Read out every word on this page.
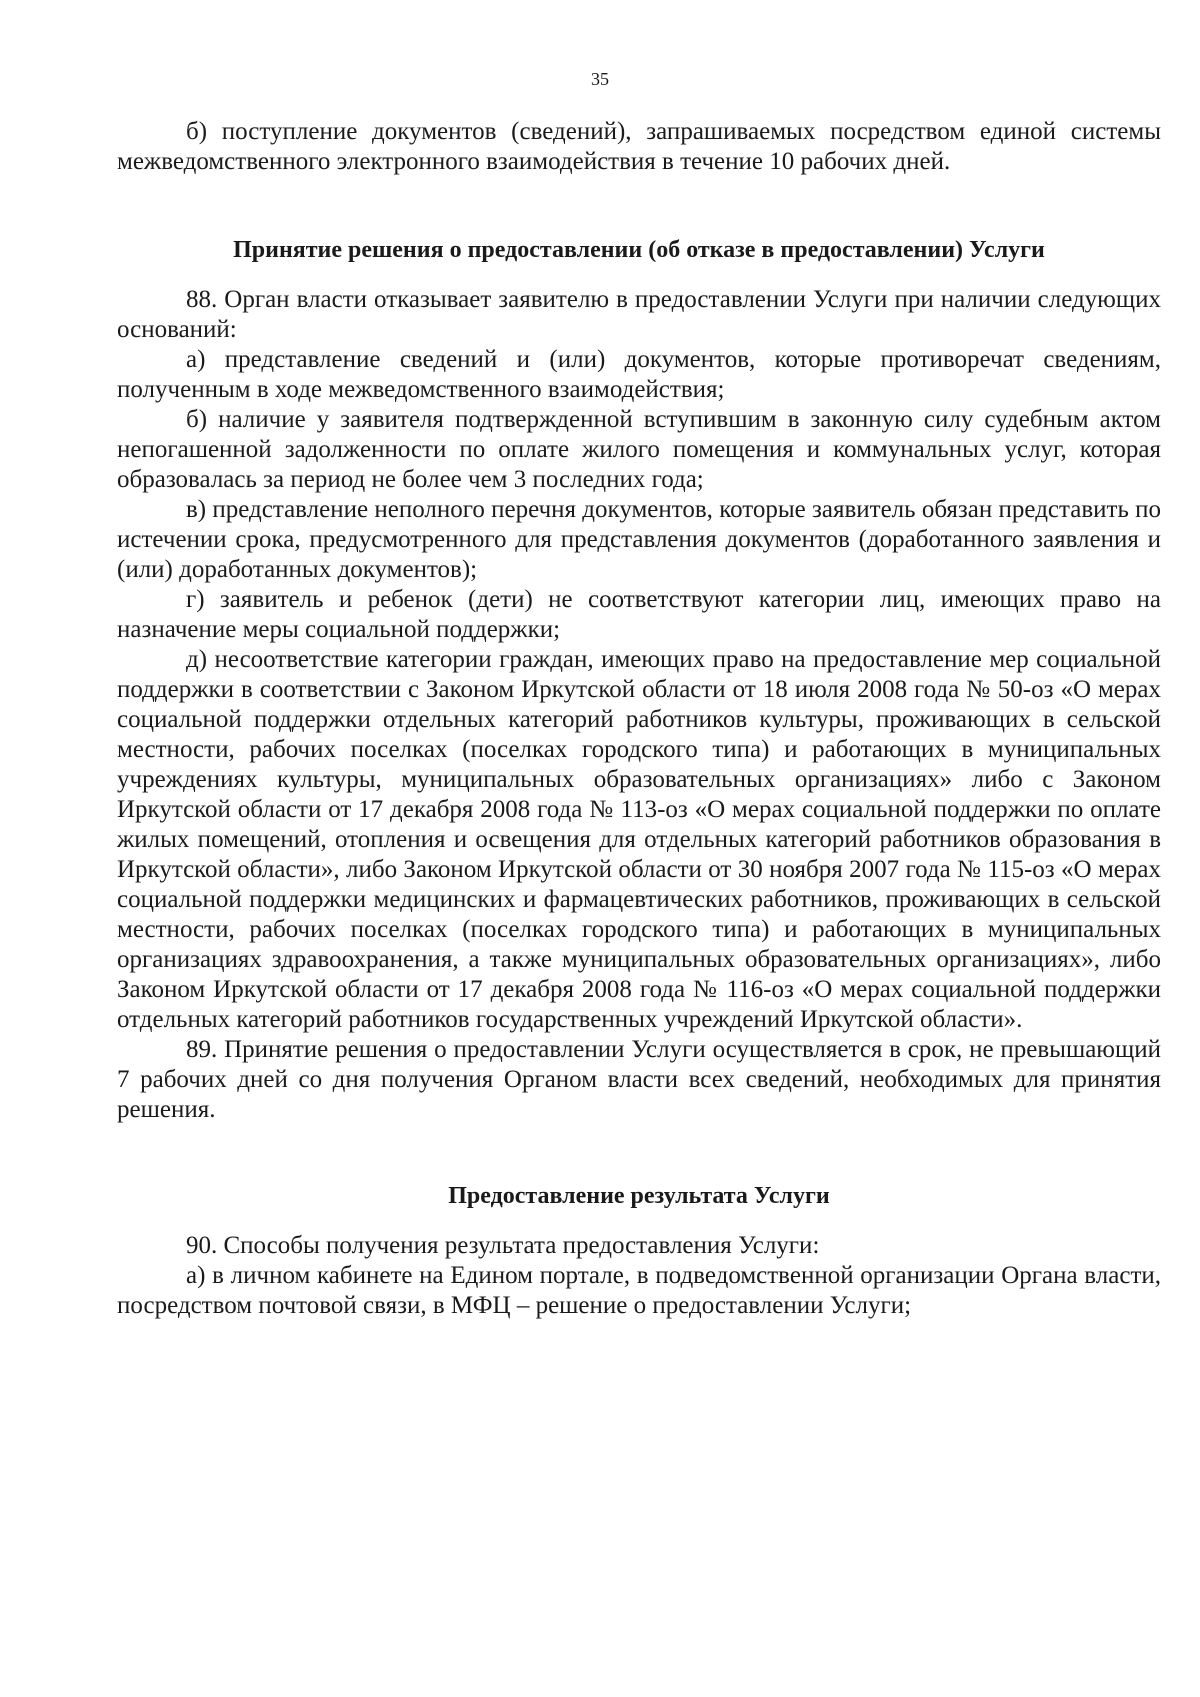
35

б) поступление документов (сведений), запрашиваемых посредством единой системы межведомственного электронного взаимодействия в течение 10 рабочих дней.

Принятие решения о предоставлении (об отказе в предоставлении) Услуги

88. Орган власти отказывает заявителю в предоставлении Услуги при наличии следующих оснований:

а) представление сведений и (или) документов, которые противоречат сведениям, полученным в ходе межведомственного взаимодействия;

б) наличие у заявителя подтвержденной вступившим в законную силу судебным актом непогашенной задолженности по оплате жилого помещения и коммунальных услуг, которая образовалась за период не более чем 3 последних года;

в) представление неполного перечня документов, которые заявитель обязан представить по истечении срока, предусмотренного для представления документов (доработанного заявления и (или) доработанных документов);

г) заявитель и ребенок (дети) не соответствуют категории лиц, имеющих право на назначение меры социальной поддержки;

д) несоответствие категории граждан, имеющих право на предоставление мер социальной поддержки в соответствии с Законом Иркутской области от 18 июля 2008 года № 50-оз «О мерах социальной поддержки отдельных категорий работников культуры, проживающих в сельской местности, рабочих поселках (поселках городского типа) и работающих в муниципальных учреждениях культуры, муниципальных образовательных организациях» либо с Законом Иркутской области от 17 декабря 2008 года № 113-оз «О мерах социальной поддержки по оплате жилых помещений, отопления и освещения для отдельных категорий работников образования в Иркутской области», либо Законом Иркутской области от 30 ноября 2007 года № 115-оз «О мерах социальной поддержки медицинских и фармацевтических работников, проживающих в сельской местности, рабочих поселках (поселках городского типа) и работающих в муниципальных организациях здравоохранения, а также муниципальных образовательных организациях», либо Законом Иркутской области от 17 декабря 2008 года № 116-оз «О мерах социальной поддержки отдельных категорий работников государственных учреждений Иркутской области».

89. Принятие решения о предоставлении Услуги осуществляется в срок, не превышающий 7 рабочих дней со дня получения Органом власти всех сведений, необходимых для принятия решения.

Предоставление результата Услуги

90. Способы получения результата предоставления Услуги:

а) в личном кабинете на Едином портале, в подведомственной организации Органа власти, посредством почтовой связи, в МФЦ – решение о предоставлении Услуги;
